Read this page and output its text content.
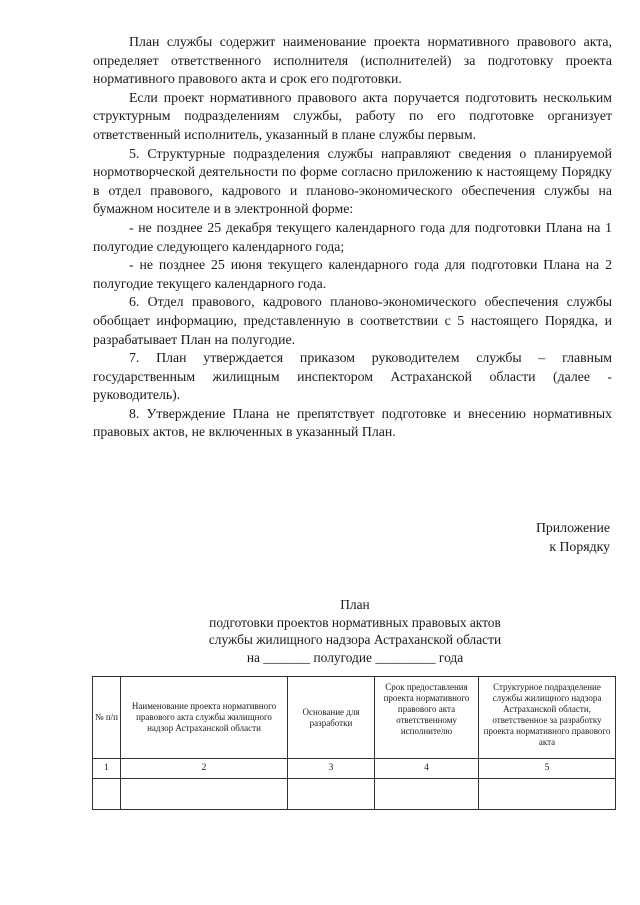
План службы содержит наименование проекта нормативного правового акта, определяет ответственного исполнителя (исполнителей) за подготовку проекта нормативного правового акта и срок его подготовки.

Если проект нормативного правового акта поручается подготовить нескольким структурным подразделениям службы, работу по его подготовке организует ответственный исполнитель, указанный в плане службы первым.

5. Структурные подразделения службы направляют сведения о планируемой нормотворческой деятельности по форме согласно приложению к настоящему Порядку в отдел правового, кадрового и планово-экономического обеспечения службы на бумажном носителе и в электронной форме:

- не позднее 25 декабря текущего календарного года для подготовки Плана на 1 полугодие следующего календарного года;

- не позднее 25 июня текущего календарного года для подготовки Плана на 2 полугодие текущего календарного года.

6. Отдел правового, кадрового планово-экономического обеспечения службы обобщает информацию, представленную в соответствии с 5 настоящего Порядка, и разрабатывает План на полугодие.

7. План утверждается приказом руководителем службы – главным государственным жилищным инспектором Астраханской области (далее - руководитель).

8. Утверждение Плана не препятствует подготовке и внесению нормативных правовых актов, не включенных в указанный План.

Приложение
к Порядку
План
подготовки проектов нормативных правовых актов
службы жилищного надзора Астраханской области
на _______ полугодие _________ года
№ п/п	Наименование проекта нормативного правового акта службы жилищного надзор Астраханской области	Основание для разработки	Срок предоставления проекта нормативного правового акта ответственному исполнителю	Структурное подразделение службы жилищного надзора Астраханской области, ответственное за разработку проекта нормативного правового акта
1	2	3	4	5
